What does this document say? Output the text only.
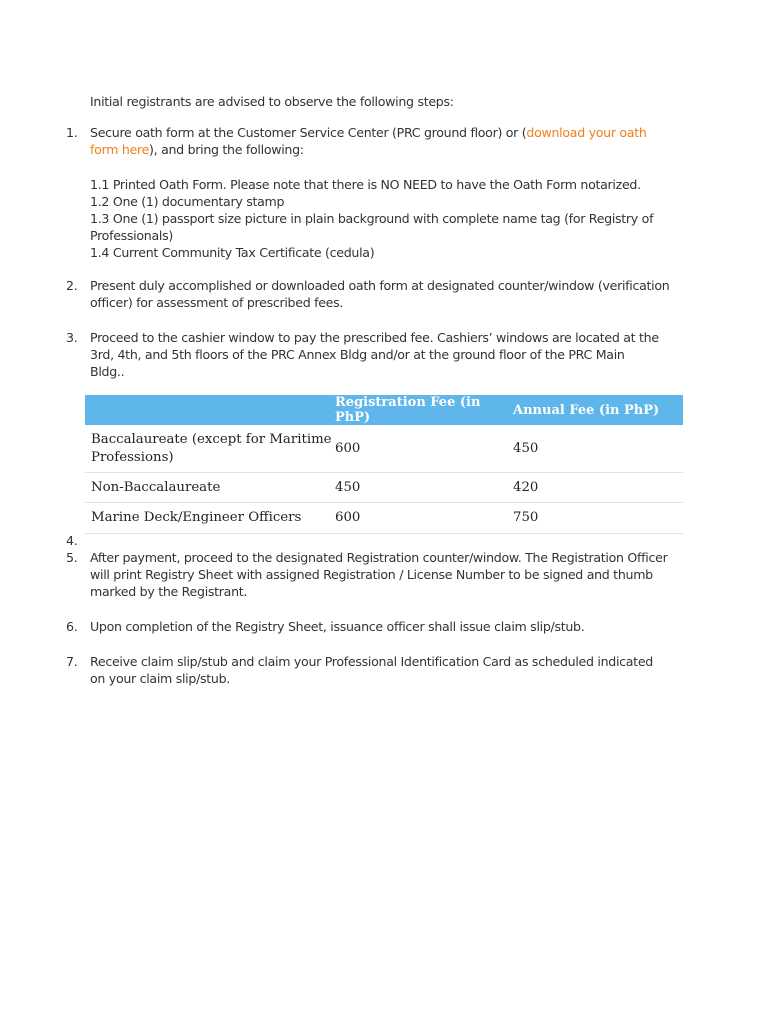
Initial registrants are advised to observe the following steps:
1. Secure oath form at the Customer Service Center (PRC ground floor) or (download your oath
form here), and bring the following:
1.1 Printed Oath Form. Please note that there is NO NEED to have the Oath Form notarized.
1.2 One (1) documentary stamp
1.3 One (1) passport size picture in plain background with complete name tag (for Registry of
Professionals)
1.4 Current Community Tax Certificate (cedula)
2. Present duly accomplished or downloaded oath form at designated counter/window (verification
officer) for assessment of prescribed fees.
3. Proceed to the cashier window to pay the prescribed fee. Cashiers’ windows are located at the
3rd, 4th, and 5th floors of the PRC Annex Bldg and/or at the ground floor of the PRC Main
Bldg..
	Registration Fee (in PhP)	Annual Fee (in PhP)
Baccalaureate (except for Maritime Professions)	600	450
Non-Baccalaureate	450	420
Marine Deck/Engineer Officers	600	750
4.
5. After payment, proceed to the designated Registration counter/window. The Registration Officer
will print Registry Sheet with assigned Registration / License Number to be signed and thumb
marked by the Registrant.
6. Upon completion of the Registry Sheet, issuance officer shall issue claim slip/stub.
7. Receive claim slip/stub and claim your Professional Identification Card as scheduled indicated
on your claim slip/stub.
